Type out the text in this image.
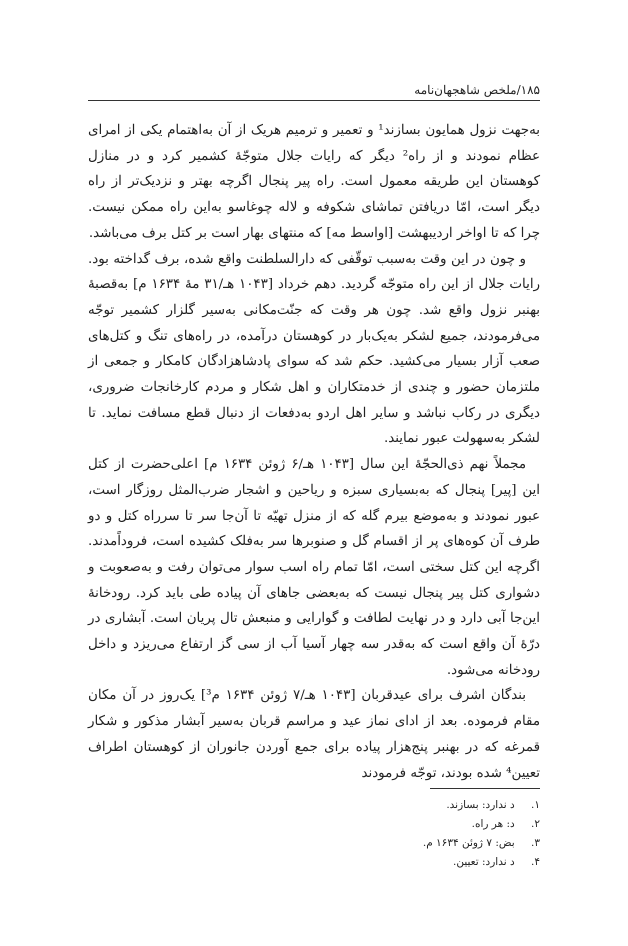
۱۸۵/ملخص شاهجهان‌نامه

به‌جهت نزول همایون بسازند¹ و تعمیر و ترمیم هریک از آن به‌اهتمام یکی از امرای عظام نمودند و از راه² دیگر که رایات جلال متوجّهٔ کشمیر کرد و در منازل کوهستان این طریقه معمول است. راه پیر پنجال اگرچه بهتر و نزدیک‌تر از راه دیگر است، امّا دریافتن تماشای شکوفه و لاله چوغاسو به‌این راه ممکن نیست. چرا که تا اواخر اردیبهشت [اواسط مه] که منتهای بهار است بر کتل برف می‌باشد.

و چون در این وقت به‌سبب توقّفی که دارالسلطنت واقع شده، برف گداخته بود. رایات جلال از این راه متوجّه گردید. دهم خرداد [۱۰۴۳ هـ/۳۱ مهٔ ۱۶۳۴ م] به‌قصبهٔ بهنبر نزول واقع شد. چون هر وقت که جنّت‌مکانی به‌سیر گلزار کشمیر توجّه می‌فرمودند، جمیع لشکر به‌یک‌بار در کوهستان درآمده، در راه‌های تنگ و کتل‌های صعب آزار بسیار می‌کشید. حکم شد که سوای پادشاهزادگان کامکار و جمعی از ملتزمان حضور و چندی از خدمتکاران و اهل شکار و مردم کارخانجات ضروری، دیگری در رکاب نباشد و سایر اهل اردو به‌دفعات از دنبال قطع مسافت نماید. تا لشکر به‌سهولت عبور نمایند.

مجملاً نهم ذی‌الحجّهٔ این سال [۱۰۴۳ هـ/۶ ژوئن ۱۶۳۴ م] اعلی‌حضرت از کتل این [پیر] پنجال که به‌بسیاری سبزه و ریاحین و اشجار ضرب‌المثل روزگار است، عبور نمودند و به‌موضع بیرم گله که از منزل تهیّه تا آن‌جا سر تا سرراه کتل و دو طرف آن کوه‌های پر از اقسام گل و صنوبرها سر به‌فلک کشیده است، فروداًمدند. اگرچه این کتل سختی است، امّا تمام راه اسب سوار می‌توان رفت و به‌صعوبت و دشواری کتل پیر پنجال نیست که به‌بعضی جاهای آن پیاده طی باید کرد. رودخانهٔ این‌جا آبی دارد و در نهایت لطافت و گوارایی و منبعش تال پریان است. آبشاری در درّهٔ آن واقع است که به‌قدر سه چهار آسیا آب از سی گز ارتفاع می‌ریزد و داخل رودخانه می‌شود.

بندگان اشرف برای عیدقربان [۱۰۴۳ هـ/۷ ژوئن ۱۶۳۴ م³] یک‌روز در آن مکان مقام فرموده. بعد از ادای نماز عید و مراسم قربان به‌سیر آبشار مذکور و شکار قمرغه که در بهنبر پنج‌هزار پیاده برای جمع آوردن جانوران از کوهستان اطراف تعیین⁴ شده بودند، توجّه فرمودند

۱. د ندارد: بسازند.

۲. د: هر راه.

۳. بض: ۷ ژوئن ۱۶۳۴ م.

۴. د ندارد: تعیین.
